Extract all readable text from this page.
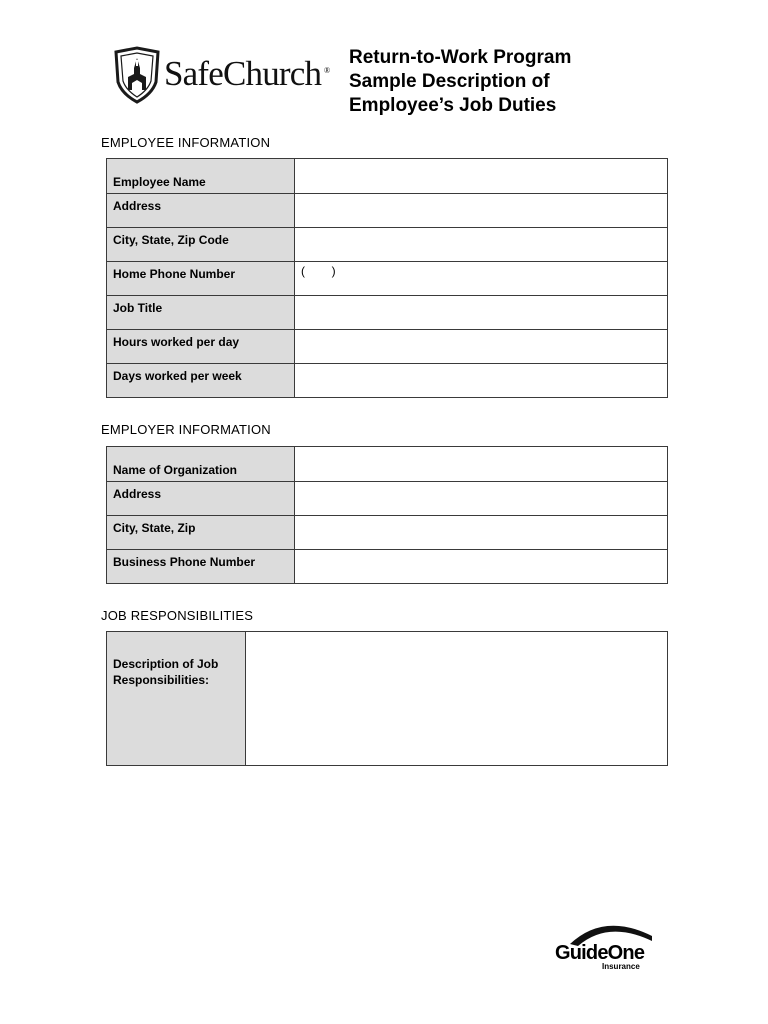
SafeChurch ®
Return-to-Work Program
Sample Description of
Employee’s Job Duties
EMPLOYEE INFORMATION
Employee Name	

Address	

City, State, Zip Code	

Home Phone Number	(        )

Job Title	

Hours worked per day	

Days worked per week	

EMPLOYER INFORMATION
Name of Organization	

Address	

City, State, Zip	

Business Phone Number	

JOB RESPONSIBILITIES
Description of Job
Responsibilities:

GuideOne
Insurance
